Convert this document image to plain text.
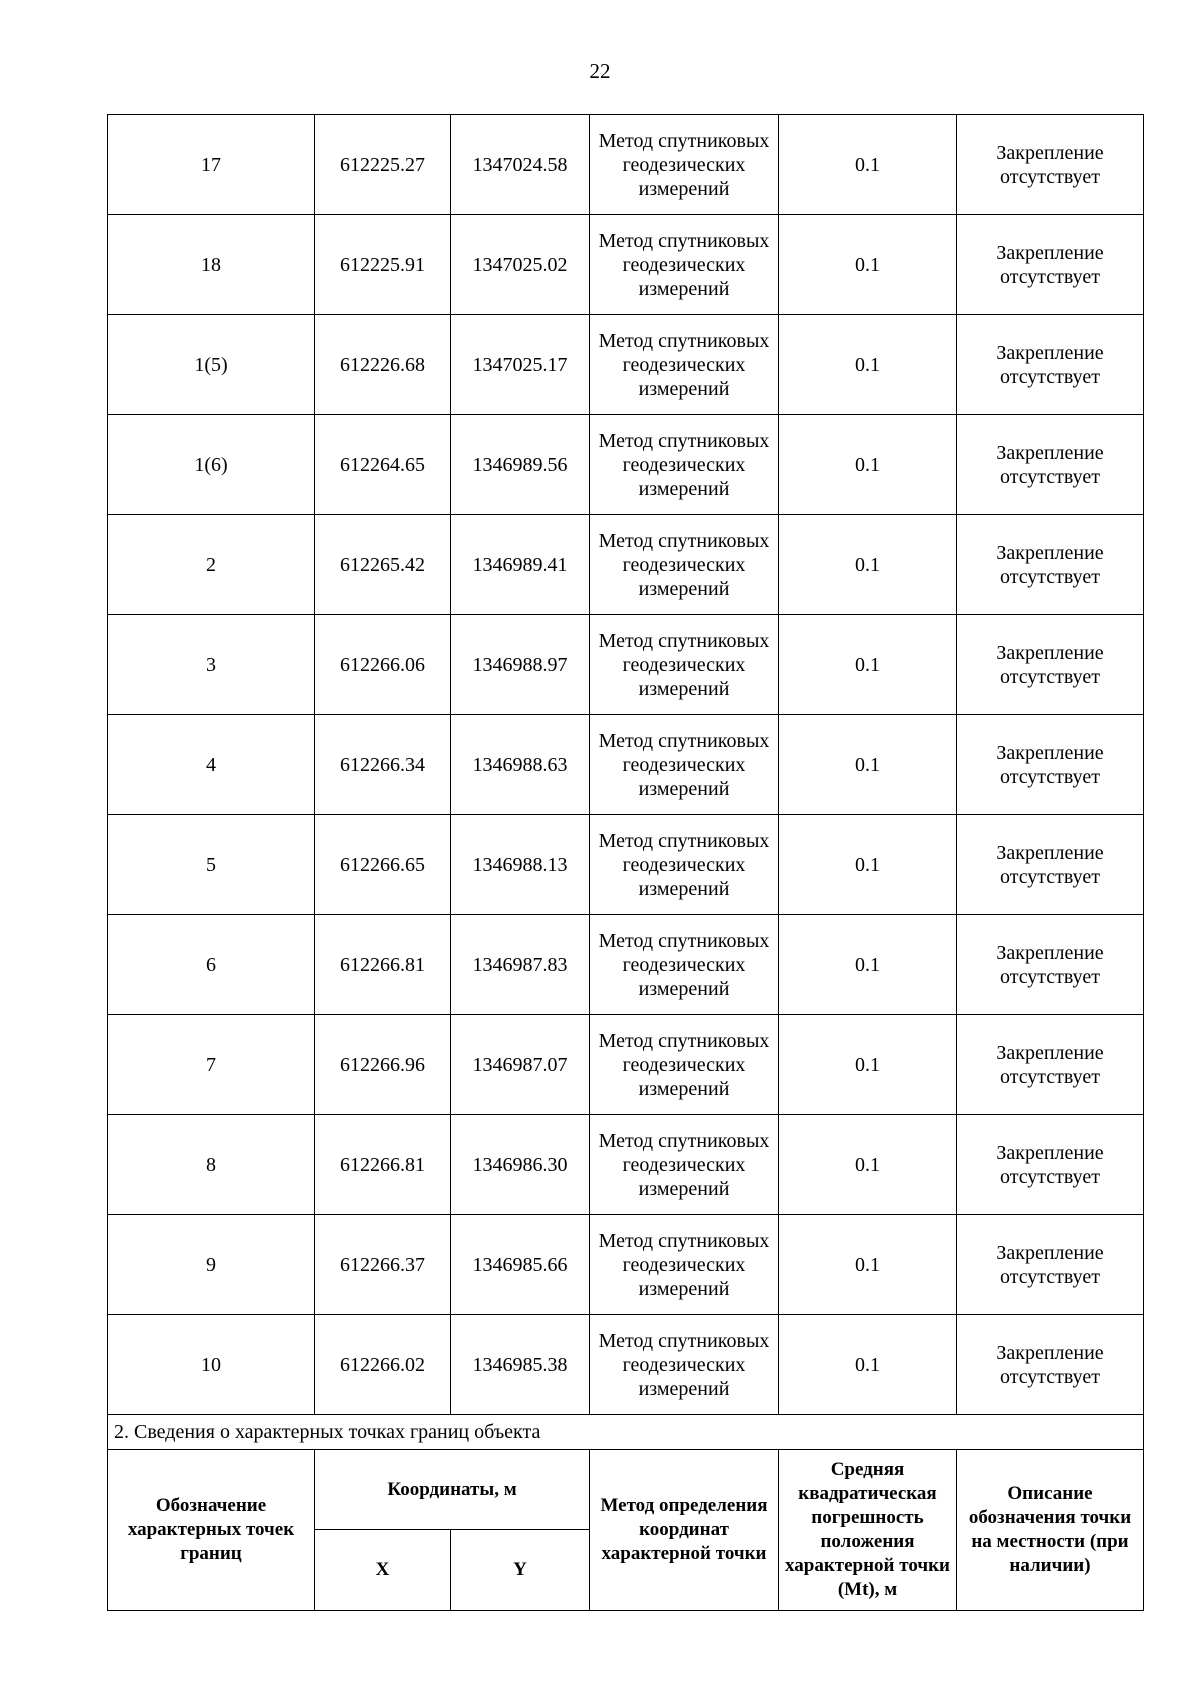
22
17	612225.27	1347024.58	Метод спутниковых геодезических измерений	0.1	Закрепление отсутствует
18	612225.91	1347025.02	Метод спутниковых геодезических измерений	0.1	Закрепление отсутствует
1(5)	612226.68	1347025.17	Метод спутниковых геодезических измерений	0.1	Закрепление отсутствует
1(6)	612264.65	1346989.56	Метод спутниковых геодезических измерений	0.1	Закрепление отсутствует
2	612265.42	1346989.41	Метод спутниковых геодезических измерений	0.1	Закрепление отсутствует
3	612266.06	1346988.97	Метод спутниковых геодезических измерений	0.1	Закрепление отсутствует
4	612266.34	1346988.63	Метод спутниковых геодезических измерений	0.1	Закрепление отсутствует
5	612266.65	1346988.13	Метод спутниковых геодезических измерений	0.1	Закрепление отсутствует
6	612266.81	1346987.83	Метод спутниковых геодезических измерений	0.1	Закрепление отсутствует
7	612266.96	1346987.07	Метод спутниковых геодезических измерений	0.1	Закрепление отсутствует
8	612266.81	1346986.30	Метод спутниковых геодезических измерений	0.1	Закрепление отсутствует
9	612266.37	1346985.66	Метод спутниковых геодезических измерений	0.1	Закрепление отсутствует
10	612266.02	1346985.38	Метод спутниковых геодезических измерений	0.1	Закрепление отсутствует
2. Сведения о характерных точках границ объекта					
Обозначение характерных точек границ	Координаты, м		Метод определения координат характерной точки	Средняя квадратическая погрешность положения характерной точки (Mt), м	Описание обозначения точки на местности (при наличии)
	X	Y			
